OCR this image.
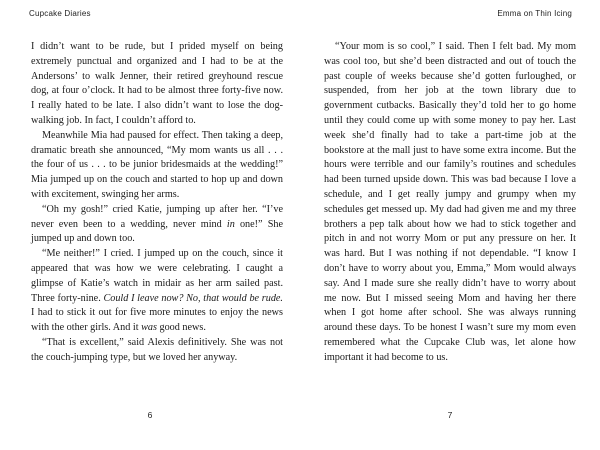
Cupcake Diaries

I didn’t want to be rude, but I prided myself on being extremely punctual and organized and I had to be at the Andersons’ to walk Jenner, their retired greyhound rescue dog, at four o’clock. It had to be almost three forty-five now. I really hated to be late. I also didn’t want to lose the dog-walking job. In fact, I couldn’t afford to.

Meanwhile Mia had paused for effect. Then taking a deep, dramatic breath she announced, “My mom wants us all . . . the four of us . . . to be junior bridesmaids at the wedding!” Mia jumped up on the couch and started to hop up and down with excitement, swinging her arms.

“Oh my gosh!” cried Katie, jumping up after her. “I’ve never even been to a wedding, never mind in one!” She jumped up and down too.

“Me neither!” I cried. I jumped up on the couch, since it appeared that was how we were celebrating. I caught a glimpse of Katie’s watch in midair as her arm sailed past. Three forty-nine. Could I leave now? No, that would be rude. I had to stick it out for five more minutes to enjoy the news with the other girls. And it was good news.

“That is excellent,” said Alexis definitively. She was not the couch-jumping type, but we loved her anyway.

6
Emma on Thin Icing

“Your mom is so cool,” I said. Then I felt bad. My mom was cool too, but she’d been distracted and out of touch the past couple of weeks because she’d gotten furloughed, or suspended, from her job at the town library due to government cutbacks. Basically they’d told her to go home until they could come up with some money to pay her. Last week she’d finally had to take a part-time job at the bookstore at the mall just to have some extra income. But the hours were terrible and our family’s routines and schedules had been turned upside down. This was bad because I love a schedule, and I get really jumpy and grumpy when my schedules get messed up. My dad had given me and my three brothers a pep talk about how we had to stick together and pitch in and not worry Mom or put any pressure on her. It was hard. But I was nothing if not dependable. “I know I don’t have to worry about you, Emma,” Mom would always say. And I made sure she really didn’t have to worry about me now. But I missed seeing Mom and having her there when I got home after school. She was always running around these days. To be honest I wasn’t sure my mom even remembered what the Cupcake Club was, let alone how important it had become to us.

7
